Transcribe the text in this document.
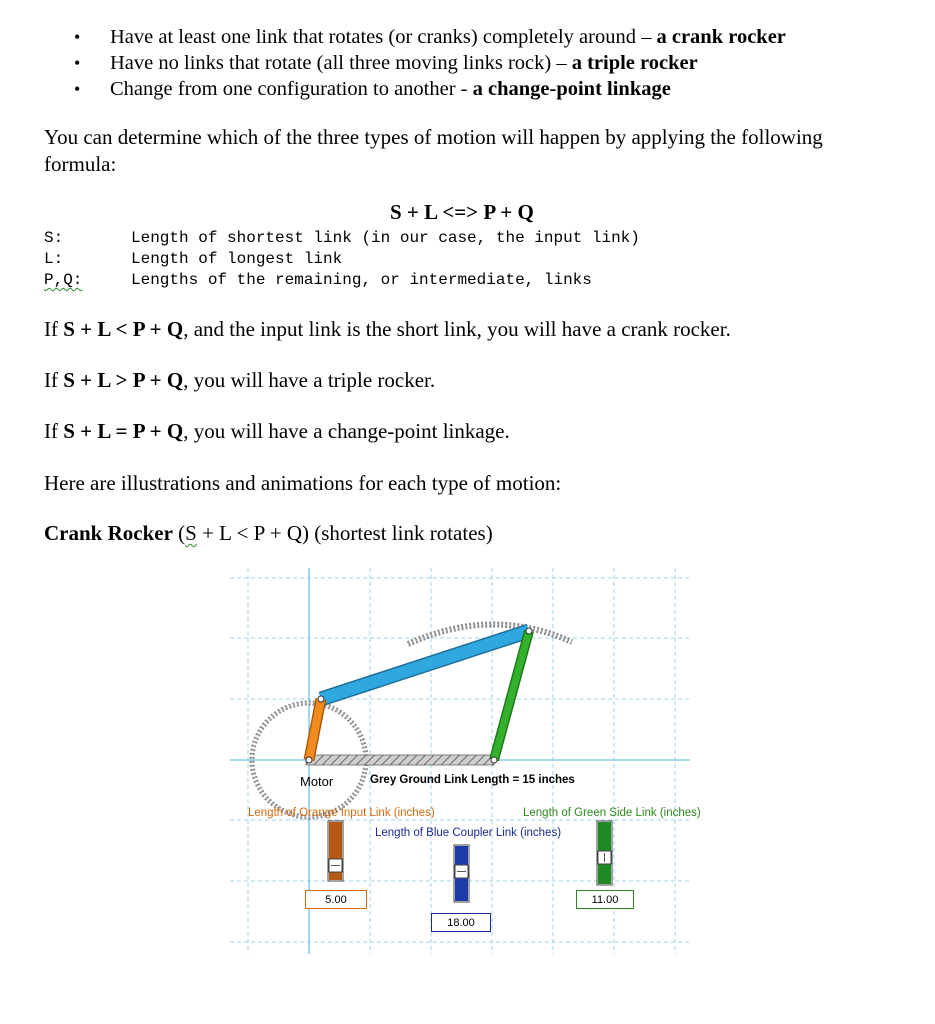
• Have at least one link that rotates (or cranks) completely around – a crank rocker
• Have no links that rotate (all three moving links rock) – a triple rocker
• Change from one configuration to another - a change-point linkage
You can determine which of the three types of motion will happen by applying the following
formula:
S + L <=> P + Q
S:	Length of shortest link (in our case, the input link)
L:	Length of longest link
P,Q:	Lengths of the remaining, or intermediate, links
If S + L < P + Q, and the input link is the short link, you will have a crank rocker.
If S + L > P + Q, you will have a triple rocker.
If S + L = P + Q, you will have a change-point linkage.
Here are illustrations and animations for each type of motion:
Crank Rocker (S + L < P + Q) (shortest link rotates)
Motor	Grey Ground Link Length = 15 inches
Length of Orange Input Link (inches)	Length of Green Side Link (inches)
Length of Blue Coupler Link (inches)
5.00
18.00
11.00
